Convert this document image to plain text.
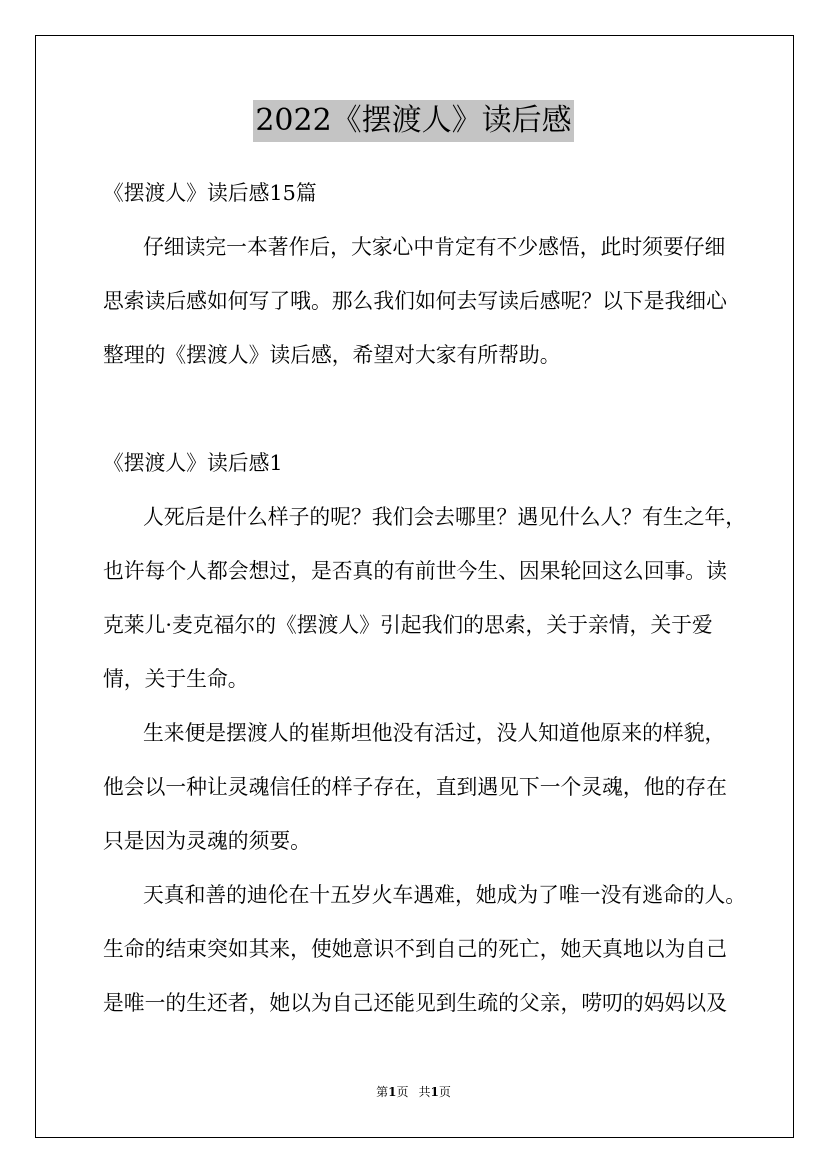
2022《摆渡人》读后感
《摆渡人》读后感15篇
仔细读完一本著作后，大家心中肯定有不少感悟，此时须要仔细
思索读后感如何写了哦。那么我们如何去写读后感呢？以下是我细心
整理的《摆渡人》读后感，希望对大家有所帮助。
《摆渡人》读后感1
人死后是什么样子的呢？我们会去哪里？遇见什么人？有生之年，
也许每个人都会想过，是否真的有前世今生、因果轮回这么回事。读
克莱儿·麦克福尔的《摆渡人》引起我们的思索，关于亲情，关于爱
情，关于生命。
生来便是摆渡人的崔斯坦他没有活过，没人知道他原来的样貌，
他会以一种让灵魂信任的样子存在，直到遇见下一个灵魂，他的存在
只是因为灵魂的须要。
天真和善的迪伦在十五岁火车遇难，她成为了唯一没有逃命的人。
生命的结束突如其来，使她意识不到自己的死亡，她天真地以为自己
是唯一的生还者，她以为自己还能见到生疏的父亲，唠叨的妈妈以及
第1页 共1页
